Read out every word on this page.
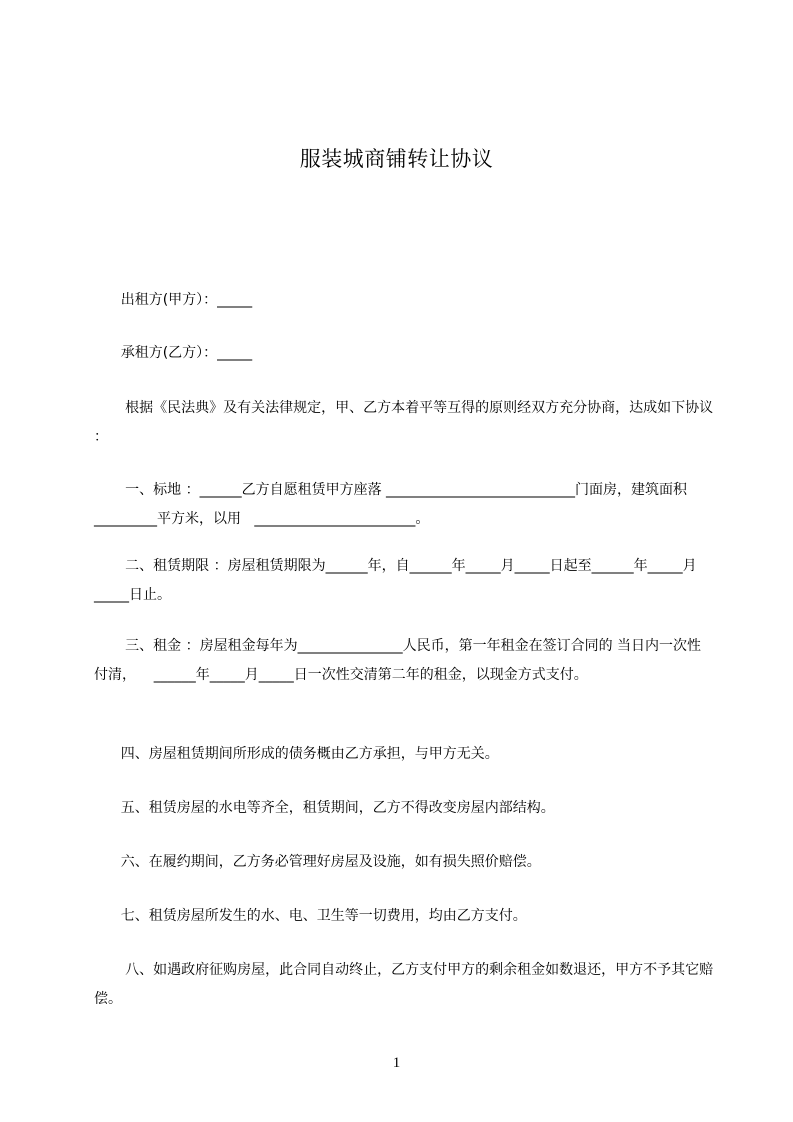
服装城商铺转让协议
出租方(甲方）：_____
承租方(乙方）：_____
根据《民法典》及有关法律规定，甲、乙方本着平等互得的原则经双方充分协商，达成如下协议 ：
一、标地 ：______乙方自愿租赁甲方座落 ___________________________门面房，建筑面积_________平方米，以用   _______________________。
二、租赁期限 ：房屋租赁期限为______年，自______年_____月_____日起至______年_____月_____日止。
三、租金 ：房屋租金每年为_______________人民币，第一年租金在签订合同的 当日内一次性付清，    ______年_____月_____日一次性交清第二年的租金，以现金方式支付。
四、房屋租赁期间所形成的债务概由乙方承担，与甲方无关。
五、租赁房屋的水电等齐全，租赁期间，乙方不得改变房屋内部结构。
六、在履约期间，乙方务必管理好房屋及设施，如有损失照价赔偿。
七、租赁房屋所发生的水、电、卫生等一切费用，均由乙方支付。
八、如遇政府征购房屋，此合同自动终止，乙方支付甲方的剩余租金如数退还，甲方不予其它赔偿。
1
